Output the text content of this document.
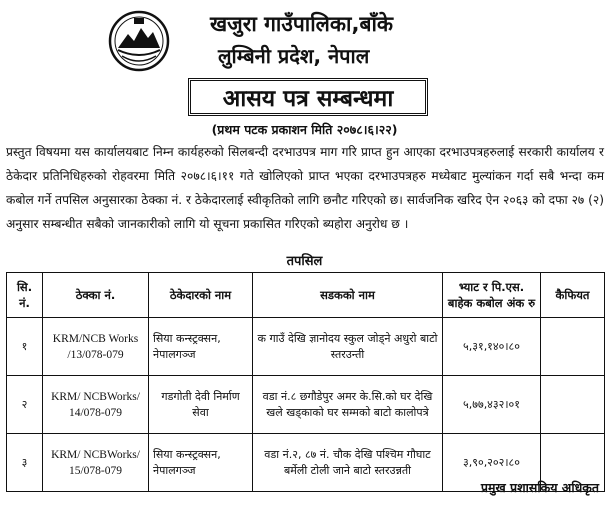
खजुरा गाउँपालिका,बाँके
लुम्बिनी प्रदेश, नेपाल
आसय पत्र सम्बन्धमा
(प्रथम पटक प्रकाशन मिति २०७८।६।२२)
प्रस्तुत विषयमा यस कार्यालयबाट निम्न कार्यहरुको सिलबन्दी दरभाउपत्र माग गरि प्राप्त हुन आएका दरभाउपत्रहरुलाई सरकारी कार्यालय र ठेकेदार प्रतिनिधिहरुको रोहवरमा मिति २०७८।६।११ गते खोलिएको प्राप्त भएका दरभाउपत्रहरु मध्येबाट मुल्यांकन गर्दा सबै भन्दा कम कबोल गर्ने तपसिल अनुसारका ठेक्का नं. र ठेकेदारलाई स्वीकृतिको लागि छनौट गरिएको छ। सार्वजनिक खरिद ऐन २०६३ को दफा २७ (२) अनुसार सम्बन्धीत सबैको जानकारीको लागि यो सूचना प्रकासित गरिएको ब्यहोरा अनुरोध छ ।
तपसिल
सि. नं.	ठेक्का नं.	ठेकेदारको नाम	सडकको नाम	भ्याट र पि.एस. बाहेक कबोल अंक रु	कैफियत
१	KRM/NCB Works /13/078-079	सिया कन्स्ट्रक्सन, नेपालगञ्ज	क गाउँ देखि ज्ञानोदय स्कुल जोड्ने अधुरो बाटो स्तरउन्ती	५,३१,१४०।८०	
२	KRM/ NCBWorks/ 14/078-079	गडगोती देवी निर्माण सेवा	वडा नं.८ छगौडेपुर अमर के.सि.को घर देखि खले खड्काको घर सम्मको बाटो कालोपत्रे	५,७७,४३२।०१	
३	KRM/ NCBWorks/ 15/078-079	सिया कन्स्ट्रक्सन, नेपालगञ्ज	वडा नं.२, ८७ नं. चौक देखि पश्चिम गौघाट बर्मेली टोली जाने बाटो स्तरउन्नती	३,९०,२०२।८०	
प्रमुख प्रशासकिय अधिकृत
